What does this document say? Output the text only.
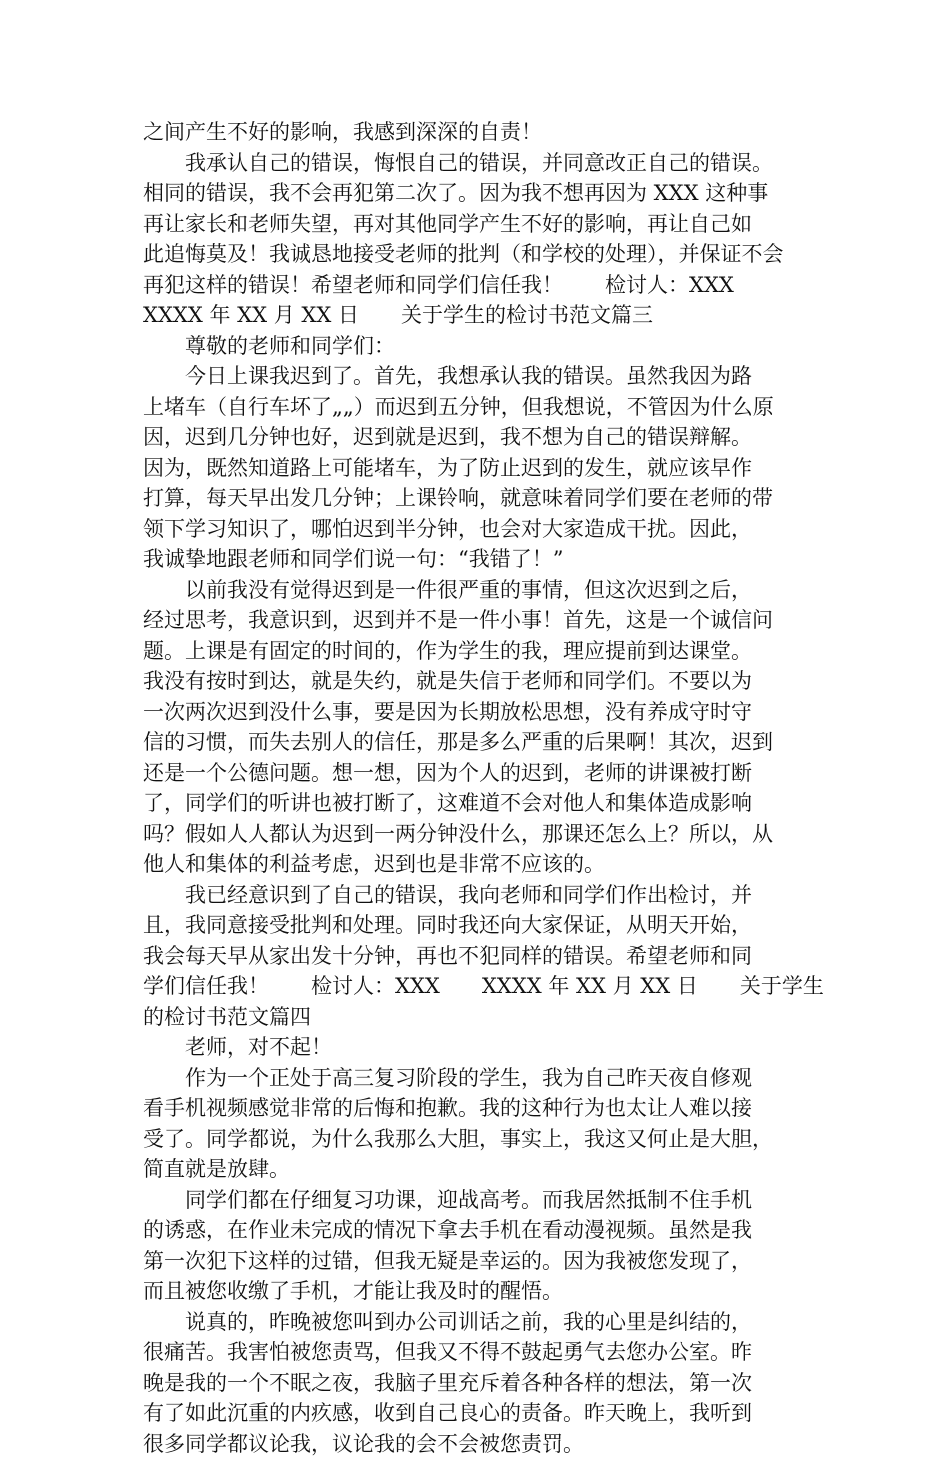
之间产生不好的影响，我感到深深的自责！
　　我承认自己的错误，悔恨自己的错误，并同意改正自己的错误。
相同的错误，我不会再犯第二次了。因为我不想再因为 XXX 这种事
再让家长和老师失望，再对其他同学产生不好的影响，再让自己如
此追悔莫及！我诚恳地接受老师的批判（和学校的处理），并保证不会
再犯这样的错误！希望老师和同学们信任我！　　检讨人：XXX
XXXX 年 XX 月 XX 日　　关于学生的检讨书范文篇三
　　尊敬的老师和同学们：
　　今日上课我迟到了。首先，我想承认我的错误。虽然我因为路
上堵车（自行车坏了„„）而迟到五分钟，但我想说，不管因为什么原
因，迟到几分钟也好，迟到就是迟到，我不想为自己的错误辩解。
因为，既然知道路上可能堵车，为了防止迟到的发生，就应该早作
打算，每天早出发几分钟；上课铃响，就意味着同学们要在老师的带
领下学习知识了，哪怕迟到半分钟，也会对大家造成干扰。因此，
我诚挚地跟老师和同学们说一句：“我错了！”
　　以前我没有觉得迟到是一件很严重的事情，但这次迟到之后，
经过思考，我意识到，迟到并不是一件小事！首先，这是一个诚信问
题。上课是有固定的时间的，作为学生的我，理应提前到达课堂。
我没有按时到达，就是失约，就是失信于老师和同学们。不要以为
一次两次迟到没什么事，要是因为长期放松思想，没有养成守时守
信的习惯，而失去别人的信任，那是多么严重的后果啊！其次，迟到
还是一个公德问题。想一想，因为个人的迟到，老师的讲课被打断
了，同学们的听讲也被打断了，这难道不会对他人和集体造成影响
吗？假如人人都认为迟到一两分钟没什么，那课还怎么上？所以，从
他人和集体的利益考虑，迟到也是非常不应该的。
　　我已经意识到了自己的错误，我向老师和同学们作出检讨，并
且，我同意接受批判和处理。同时我还向大家保证，从明天开始，
我会每天早从家出发十分钟，再也不犯同样的错误。希望老师和同
学们信任我！　　检讨人：XXX　　XXXX 年 XX 月 XX 日　　关于学生
的检讨书范文篇四
　　老师，对不起！
　　作为一个正处于高三复习阶段的学生，我为自己昨天夜自修观
看手机视频感觉非常的后悔和抱歉。我的这种行为也太让人难以接
受了。同学都说，为什么我那么大胆，事实上，我这又何止是大胆，
简直就是放肆。
　　同学们都在仔细复习功课，迎战高考。而我居然抵制不住手机
的诱惑，在作业未完成的情况下拿去手机在看动漫视频。虽然是我
第一次犯下这样的过错，但我无疑是幸运的。因为我被您发现了，
而且被您收缴了手机，才能让我及时的醒悟。
　　说真的，昨晚被您叫到办公司训话之前，我的心里是纠结的，
很痛苦。我害怕被您责骂，但我又不得不鼓起勇气去您办公室。昨
晚是我的一个不眠之夜，我脑子里充斥着各种各样的想法，第一次
有了如此沉重的内疚感，收到自己良心的责备。昨天晚上，我听到
很多同学都议论我，议论我的会不会被您责罚。
